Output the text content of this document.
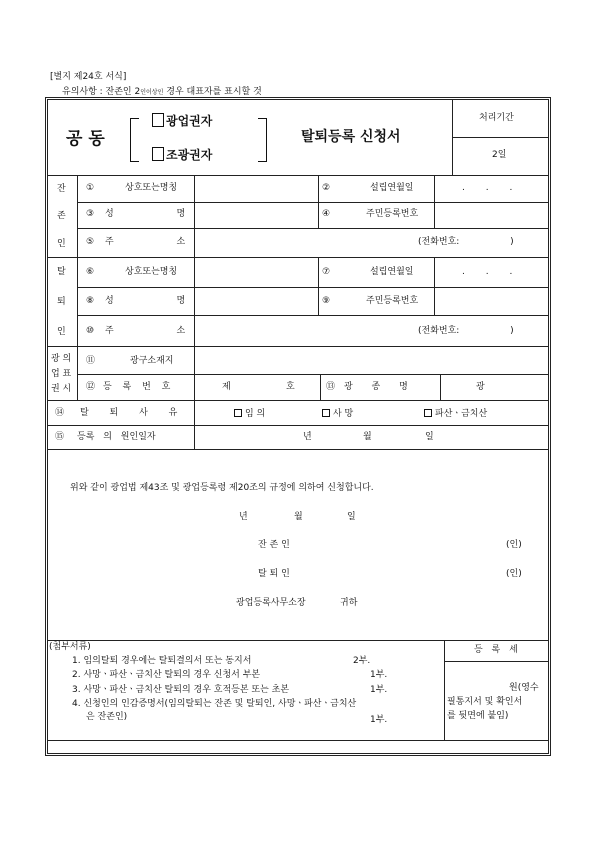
[별지 제24호 서식]
유의사항 : 잔존인 2인이상인 경우 대표자를 표시할 것
공 동
광업권자
조광권자
탈퇴등록 신청서
처리기간
2일
잔
존
인
①	상호또는명칭	②	설립연월일	. . .
③ 성 명	④	주민등록번호
⑤ 주 소	(전화번호: )
탈
퇴
인
⑥	상호또는명칭	⑦	설립연월일	. . .
⑧ 성 명	⑨	주민등록번호
⑩ 주 소	(전화번호: )
광 의
업 표
권 시
⑪	광구소재지
⑫ 등 록 번 호	제	호	⑬ 광 종 명	광
⑭ 탈 퇴 사 유	임 의	사 망	파산ㆍ금치산
⑮ 등록 의 원인일자	년	월	일
위와 같이 광업법 제43조 및 광업등록령 제20조의 규정에 의하여 신청합니다.
년	월	일
잔 존 인	(인)
탈 퇴 인	(인)
광업등록사무소장	귀하
(첨부서류)
1. 임의탈퇴 경우에는 탈퇴결의서 또는 동지서	2부.
2. 사망ㆍ파산ㆍ금치산 탈퇴의 경우 신청서 부본	1부.
3. 사망ㆍ파산ㆍ금치산 탈퇴의 경우 호적등본 또는 초본	1부.
4. 신청인의 인감증명서(임의탈퇴는 잔존 및 탈퇴인, 사망ㆍ파산ㆍ금치산
은 잔존인)	1부.
등 록 세
원(영수
필통지서 및 확인서
를 뒷면에 붙임)
